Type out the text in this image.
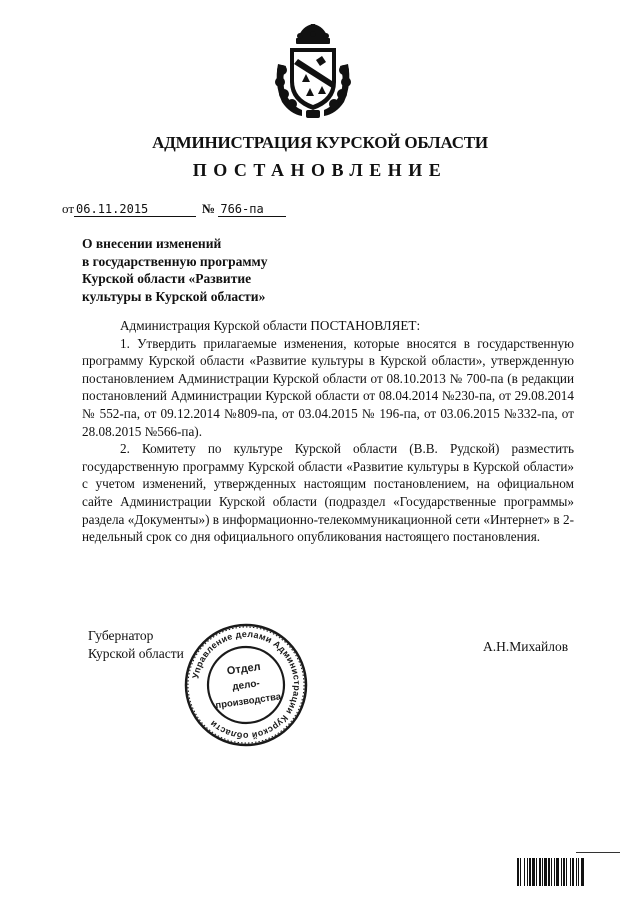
АДМИНИСТРАЦИЯ КУРСКОЙ ОБЛАСТИ
ПОСТАНОВЛЕНИЕ
от 06.11.2015	№ 766-па
О внесении изменений
в государственную программу
Курской области «Развитие
культуры в Курской области»

Администрация Курской области ПОСТАНОВЛЯЕТ:

1. Утвердить прилагаемые изменения, которые вносятся в государственную программу Курской области «Развитие культуры в Курской области», утвержденную постановлением Администрации Курской области от 08.10.2013 № 700-па (в редакции постановлений Администрации Курской области от 08.04.2014 №230-па, от 29.08.2014 № 552-па, от 09.12.2014 №809-па, от 03.04.2015 № 196-па, от 03.06.2015 №332-па, от 28.08.2015 №566-па).

2. Комитету по культуре Курской области (В.В. Рудской) разместить государственную программу Курской области «Развитие культуры в Курской области» с учетом изменений, утвержденных настоящим постановлением, на официальном сайте Администрации Курской области (подраздел «Государственные программы» раздела «Документы») в информационно-телекоммуникационной сети «Интернет» в 2-недельный срок со дня официального опубликования настоящего постановления.

Губернатор
Курской области	А.Н.Михайлов
Управление делами Администрации Курской области
Отдел
дело-
производства
